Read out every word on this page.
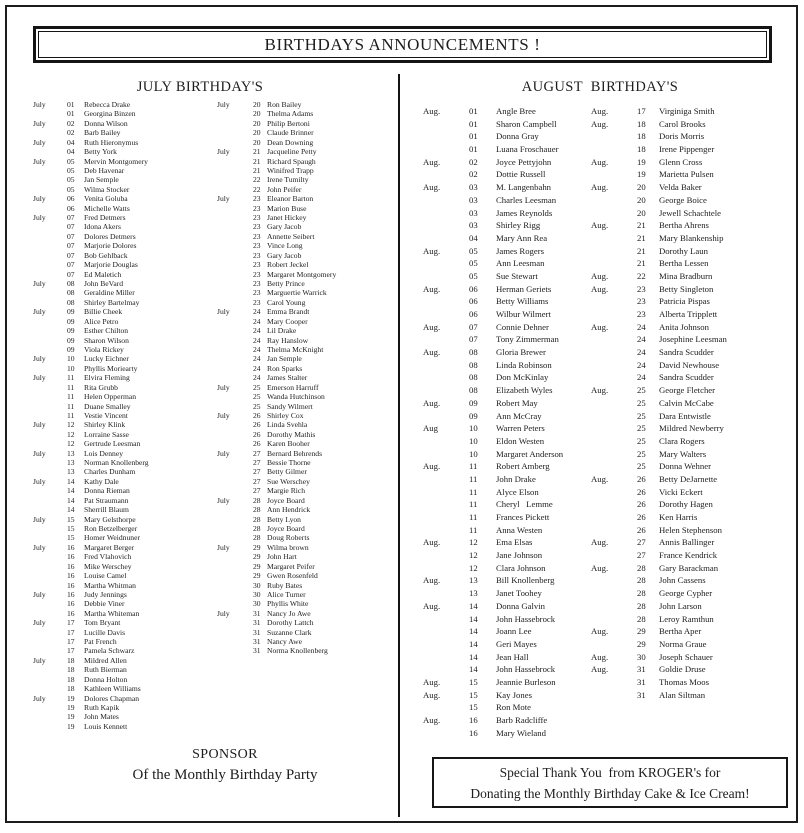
BIRTHDAYS ANNOUNCEMENTS !
JULY BIRTHDAY'S	AUGUST  BIRTHDAY'S
July	01	Rebecca Drake
01	Georgina Binzen
July	02	Donna Wilson
02	Barb Bailey
July	04	Ruth Hieronymus
04	Betty York
July	05	Mervin Montgomery
05	Deb Havenar
05	Jan Semple
05	Wilma Stocker
July	06	Venita Goluba
06	Michelle Watts
July	07	Fred Detmers
07	Idona Akers
07	Dolores Detmers
07	Marjorie Dolores
07	Bob Gehlback
07	Marjorie Douglas
07	Ed Maletich
July	08	John BeVard
08	Geraldine Miller
08	Shirley Bartelmay
July	09	Billie Cheek
09	Alice Petro
09	Esther Chilton
09	Sharon Wilson
09	Viola Rickey
July	10	Lucky Eichner
10	Phyllis Moriearty
July	11	Elvira Fleming
11	Rita Grubb
11	Helen Opperman
11	Duane Smalley
11	Vestie Vincent
July	12	Shirley Klink
12	Lorraine Sasse
12	Gertrude Leesman
July	13	Lois Denney
13	Norman Knollenberg
13	Charles Dunham
July	14	Kathy Dale
14	Donna Rieman
14	Pat Straumann
14	Sherrill Blaum
July	15	Mary Gelsthorpe
15	Ron Betzelberger
15	Homer Weidnuner
July	16	Margaret Berger
16	Fred Vlahovich
16	Mike Werschey
16	Louise Camel
16	Martha Whitman
July	16	Judy Jennings
16	Debbie Viner
16	Martha Whiteman
July	17	Tom Bryant
17	Lucille Davis
17	Pat French
17	Pamela Schwarz
July	18	Mildred Allen
18	Ruth Bierman
18	Donna Holton
18	Kathleen Williams
July	19	Dolores Chapman
19	Ruth Kapik
19	John Mates
19	Louis Kennett
July	20 Ron Bailey
20 Thelma Adams
20 Philip Bertoni
20 Claude Brinner
20 Dean Downing
July	21 Jacqueline Petty
21 Richard Spaugh
21 Winifred Trapp
22 Irene Tumilty
22 John Peifer
July	23 Eleanor Barton
23 Marion Buse
23 Janet Hickey
23 Gary Jacob
23 Annette Seibert
23 Vince Long
23 Gary Jacob
23 Robert Jeckel
23 Margaret Montgomery
23 Betty Prince
23 Marguertie Warrick
23 Carol Young
July	24 Emma Brandt
24 Mary Cooper
24 Lil Drake
24 Ray Hanslow
24 Thelma McKnight
24 Jan Semple
24 Ron Sparks
24 James Stalter
July	25 Emerson Harruff
25 Wanda Hutchinson
25 Sandy Wilmert
July	26 Shirley Cox
26 Linda Svehla
26 Dorothy Mathis
26 Karen Booher
July	27 Bernard Behrends
27 Bessie Thorne
27 Betty Gilmer
27 Sue Werschey
27 Margie Rich
July	28 Joyce Board
28 Ann Hendrick
28 Betty Lyon
28 Joyce Board
28 Doug Roberts
July	29 Wilma brown
29 John Hart
29 Margaret Peifer
29 Gwen Rosenfeld
30 Ruby Bates
30 Alice Turner
30 Phyllis White
July	31 Nancy Jo Awe
31 Dorothy Lattch
31 Suzanne Clark
31 Nancy Awe
31 Norma Knollenberg
Aug.	01	Angle Bree
01	Sharon Campbell
01	Donna Gray
01	Luana Froschauer
Aug.	02	Joyce Pettyjohn
02	Dottie Russell
Aug.	03	M. Langenbahn
03	Charles Leesman
03	James Reynolds
03	Shirley Rigg
04	Mary Ann Rea
Aug.	05	James Rogers
05	Ann Leesman
05	Sue Stewart
Aug.	06	Herman Geriets
06	Betty Williams
06	Wilbur Wilmert
Aug.	07	Connie Dehner
07	Tony Zimmerman
Aug.	08	Gloria Brewer
08	Linda Robinson
08	Don McKinlay
08	Elizabeth Wyles
Aug.	09	Robert May
09	Ann McCray
Aug	10	Warren Peters
10	Eldon Westen
10	Margaret Anderson
Aug.	11	Robert Amberg
11	John Drake
11	Alyce Elson
11	Cheryl   Lemme
11	Frances Pickett
11	Anna Westen
Aug.	12	Ema Elsas
12	Jane Johnson
12	Clara Johnson
Aug.	13	Bill Knollenberg
13	Janet Toohey
Aug.	14	Donna Galvin
14	John Hassebrock
14	Joann Lee
14	Geri Mayes
14	Jean Hall
14	John Hassebrock
Aug.	15	Jeannie Burleson
Aug.	15	Kay Jones
15	Ron Mote
Aug.	16	Barb Radcliffe
16	Mary Wieland
Aug.	17	Virginiga Smith
Aug.	18	Carol Brooks
18	Doris Morris
18	Irene Pippenger
Aug.	19	Glenn Cross
19	Marietta Pulsen
Aug.	20	Velda Baker
20	George Boice
20	Jewell Schachtele
Aug.	21	Bertha Ahrens
21	Mary Blankenship
21	Dorothy Laun
21	Bertha Lessen
Aug.	22	Mina Bradburn
Aug.	23	Betty Singleton
23	Patricia Pispas
23	Alberta Tripplett
Aug.	24	Anita Johnson
24	Josephine Leesman
24	Sandra Scudder
24	David Newhouse
24	Sandra Scudder
Aug.	25	George Fletcher
25	Calvin McCabe
25	Dara Entwistle
25	Mildred Newberry
25	Clara Rogers
25	Mary Walters
25	Donna Wehner
Aug.	26	Betty DeJarnette
26	Vicki Eckert
26	Dorothy Hagen
26	Ken Harris
26	Helen Stephenson
Aug.	27	Annis Ballinger
27	France Kendrick
Aug.	28	Gary Barackman
28	John Cassens
28	George Cypher
28	John Larson
28	Leroy Ramthun
Aug.	29	Bertha Aper
29	Norma Graue
Aug.	30	Joseph Schauer
Aug.	31	Goldie Druse
31	Thomas Moos
31	Alan Siltman
SPONSOR
Of the Monthly Birthday Party	Special Thank You  from KROGER's for
Donating the Monthly Birthday Cake & Ice Cream!
